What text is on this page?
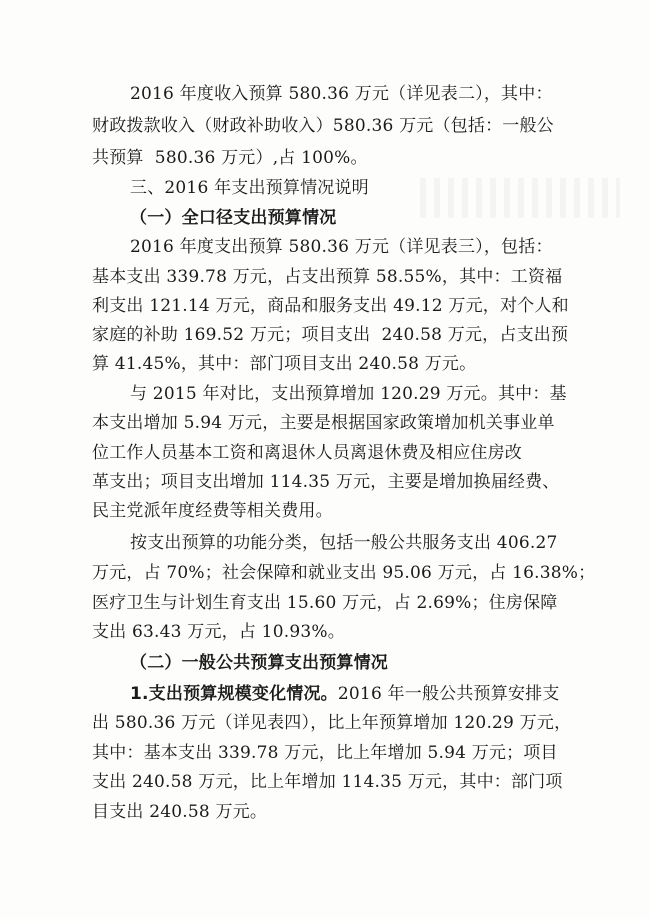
2016 年度收入预算 580.36 万元（详见表二），其中：
财政拨款收入（财政补助收入）580.36 万元（包括：一般公
共预算  580.36 万元）,占 100%。
三、2016 年支出预算情况说明
（一）全口径支出预算情况
2016 年度支出预算 580.36 万元（详见表三），包括：
基本支出 339.78 万元，占支出预算 58.55%，其中：工资福
利支出 121.14 万元，商品和服务支出 49.12 万元，对个人和
家庭的补助 169.52 万元；项目支出  240.58 万元，占支出预
算 41.45%，其中：部门项目支出 240.58 万元。
与 2015 年对比，支出预算增加 120.29 万元。其中：基
本支出增加 5.94 万元，主要是根据国家政策增加机关事业单
位工作人员基本工资和离退休人员离退休费及相应住房改
革支出；项目支出增加 114.35 万元，主要是增加换届经费、
民主党派年度经费等相关费用。
按支出预算的功能分类，包括一般公共服务支出 406.27
万元，占 70%；社会保障和就业支出 95.06 万元，占 16.38%；
医疗卫生与计划生育支出 15.60 万元，占 2.69%；住房保障
支出 63.43 万元，占 10.93%。
（二）一般公共预算支出预算情况
1.支出预算规模变化情况。2016 年一般公共预算安排支
出 580.36 万元（详见表四），比上年预算增加 120.29 万元，
其中：基本支出 339.78 万元，比上年增加 5.94 万元；项目
支出 240.58 万元，比上年增加 114.35 万元，其中：部门项
目支出 240.58 万元。
